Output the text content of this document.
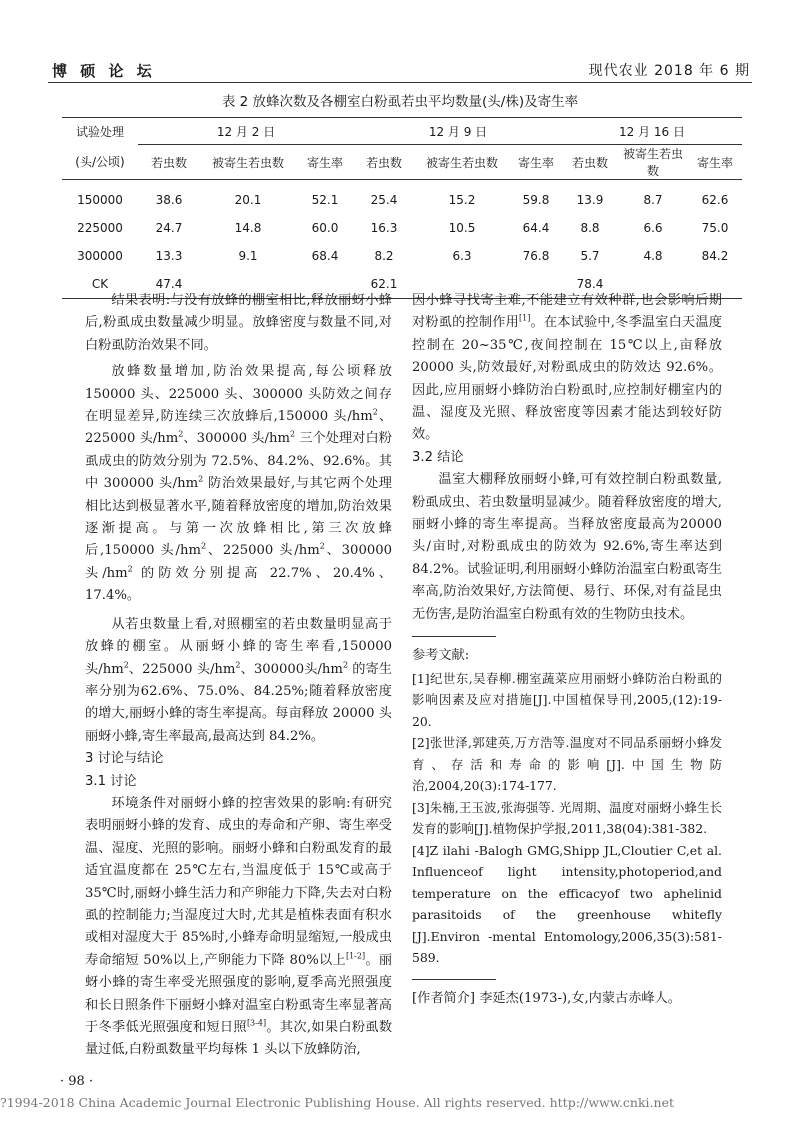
博 硕 论 坛	现代农业 2018 年 6 期
表 2 放蜂次数及各棚室白粉虱若虫平均数量(头/株)及寄生率
试验处理	12 月 2 日			12 月 9 日			12 月 16 日		
(头/公顷)	若虫数	被寄生若虫数	寄生率	若虫数	被寄生若虫数	寄生率	若虫数	被寄生若虫数	寄生率
150000	38.6	20.1	52.1	25.4	15.2	59.8	13.9	8.7	62.6
225000	24.7	14.8	60.0	16.3	10.5	64.4	8.8	6.6	75.0
300000	13.3	9.1	68.4	8.2	6.3	76.8	5.7	4.8	84.2
CK	47.4			62.1			78.4		

结果表明:与没有放蜂的棚室相比,释放丽蚜小蜂后,粉虱成虫数量减少明显。放蜂密度与数量不同,对白粉虱防治效果不同。

放蜂数量增加,防治效果提高,每公顷释放150000 头、225000 头、300000 头防效之间存在明显差异,防连续三次放蜂后,150000 头$/hm^2$、225000 头$/hm^2$、300000 头$/hm^2$ 三个处理对白粉虱成虫的防效分别为 72.5%、84.2%、92.6%。其中 300000 头$/hm^2$ 防治效果最好,与其它两个处理相比达到极显著水平,随着释放密度的增加,防治效果逐渐提高。与第一次放蜂相比,第三次放蜂后,150000 头$/hm^2$、225000 头$/hm^2$、300000 头$/hm^2$ 的防效分别提高 22.7%、20.4%、17.4%。

从若虫数量上看,对照棚室的若虫数量明显高于放蜂的棚室。从丽蚜小蜂的寄生率看,150000 头$/hm^2$、225000 头$/hm^2$、300000头$/hm^2$ 的寄生率分别为62.6%、75.0%、84.25%;随着释放密度的增大,丽蚜小蜂的寄生率提高。每亩释放 20000 头丽蚜小蜂,寄生率最高,最高达到 84.2%。

3 讨论与结论

3.1 讨论

环境条件对丽蚜小蜂的控害效果的影响:有研究表明丽蚜小蜂的发育、成虫的寿命和产卵、寄生率受温、湿度、光照的影响。丽蚜小蜂和白粉虱发育的最适宜温度都在 25℃左右,当温度低于 15℃或高于 35℃时,丽蚜小蜂生活力和产卵能力下降,失去对白粉虱的控制能力;当湿度过大时,尤其是植株表面有积水或相对湿度大于 85%时,小蜂寿命明显缩短,一般成虫寿命缩短 50%以上,产卵能力下降 80%以上[1-2]。丽蚜小蜂的寄生率受光照强度的影响,夏季高光照强度和长日照条件下丽蚜小蜂对温室白粉虱寄生率显著高于冬季低光照强度和短日照[3-4]。其次,如果白粉虱数量过低,白粉虱数量平均每株 1 头以下放蜂防治,

因小蜂寻找寄主难,不能建立有效种群,也会影响后期对粉虱的控制作用[1]。在本试验中,冬季温室白天温度控制在 20~35℃,夜间控制在 15℃以上,亩释放20000 头,防效最好,对粉虱成虫的防效达 92.6%。因此,应用丽蚜小蜂防治白粉虱时,应控制好棚室内的温、湿度及光照、释放密度等因素才能达到较好防效。

3.2 结论

温室大棚释放丽蚜小蜂,可有效控制白粉虱数量,粉虱成虫、若虫数量明显减少。随着释放密度的增大,丽蚜小蜂的寄生率提高。当释放密度最高为20000 头/亩时,对粉虱成虫的防效为 92.6%,寄生率达到 84.2%。试验证明,利用丽蚜小蜂防治温室白粉虱寄生率高,防治效果好,方法简便、易行、环保,对有益昆虫无伤害,是防治温室白粉虱有效的生物防虫技术。

参考文献:

[1]纪世东,吴春柳.棚室蔬菜应用丽蚜小蜂防治白粉虱的影响因素及应对措施[J].中国植保导刊,2005,(12):19-20.

[2]张世泽,郭建英,万方浩等.温度对不同品系丽蚜小蜂发育、存活和寿命的影响[J].中国生物防治,2004,20(3):174-177.

[3]朱楠,王玉波,张海强等. 光周期、温度对丽蚜小蜂生长发育的影响[J].植物保护学报,2011,38(04):381-382.

[4]Z ilahi -Balogh GMG,Shipp JL,Cloutier C,et al. Influenceof light intensity,photoperiod,and temperature on the efficacyof two aphelinid parasitoids of the greenhouse whitefly [J].Environ -mental Entomology,2006,35(3):581-589.

[作者简介] 李延杰(1973-),女,内蒙古赤峰人。

· 98 ·
?1994-2018 China Academic Journal Electronic Publishing House. All rights reserved. http://www.cnki.net
